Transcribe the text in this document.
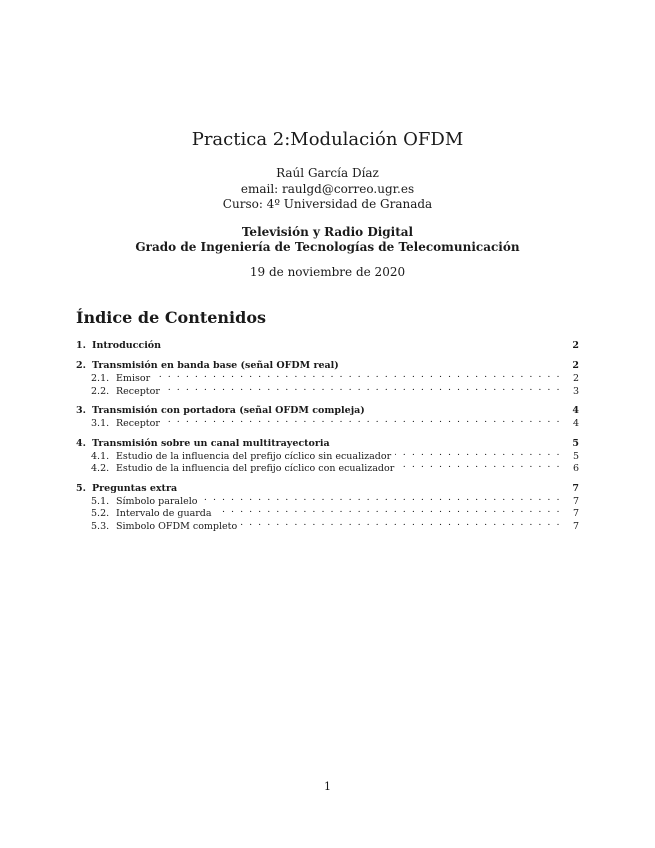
Practica 2:Modulación OFDM
Raúl García Díaz
email: raulgd@correo.ugr.es
Curso: 4º Universidad de Granada
Televisión y Radio Digital
Grado de Ingeniería de Tecnologías de Telecomunicación
19 de noviembre de 2020
Índice de Contenidos
1. Introducción	2
2. Transmisión en banda base (señal OFDM real)	2
2.1. Emisor . . .	2
2.2. Receptor . . .	3
3. Transmisión con portadora (señal OFDM compleja)	4
3.1. Receptor . . .	4
4. Transmisión sobre un canal multitrayectoria	5
4.1. Estudio de la influencia del prefijo cíclico sin ecualizador . . .	5
4.2. Estudio de la influencia del prefijo cíclico con ecualizador . . .	6
5. Preguntas extra	7
5.1. Símbolo paralelo . . .	7
5.2. Intervalo de guarda . . .	7
5.3. Simbolo OFDM completo . . .	7
1
